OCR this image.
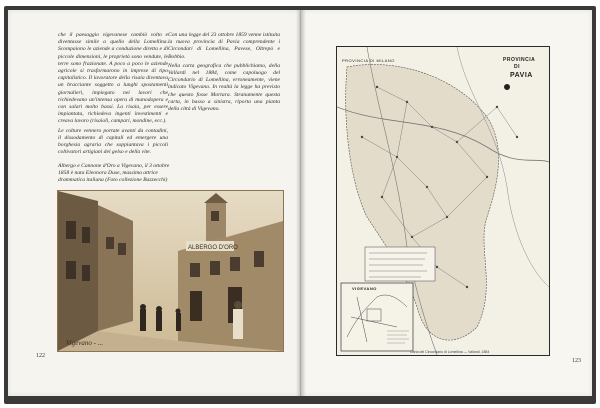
che il paesaggio vigevanese cambiò volto e diventasse simile a quello della Lomellina. Scompaiono le aziende a conduzione diretta e di piccole dimensioni, le proprietà sono vendute, le terre sono frazionate. A poco a poco le aziende agricole si trasformarono in imprese di tipo capitalistico. Il lavoratore della risaia diventava un bracciante soggetto a lunghi spostamenti giornalieri, impiegato nei lavori che richiedevano un'intensa opera di manodopera e con salari molto bassi. La risaia, per essere impiantata, richiedeva ingenti investimenti e creava lavoro (risaioli, campari, mondine, ecc.).

Le colture vennero portate avanti da contadini, il dissodamento di capitali ed emergere una borghesia agraria che soppiantava i piccoli coltivatori artigiani del gelso e della vite.

Con una legge del 23 ottobre 1859 venne istituita la nuova provincia di Pavia comprendente i Circondari di Lomellina, Pavese, Oltrepò e Bobbio.

Nella carta geografica che pubblichiamo, della Vallardi nel 1884, come capoluogo del Circondario di Lomellina, erroneamente, viene indicato Vigevano. In realtà la legge ha previsto che questo fosse Mortara. Stranamente questa carta, in basso a sinistra, riporta una pianta della città di Vigevano.

Albergo e Cannone d'Oro a Vigevano, il 3 ottobre 1858 è nata Eleonora Duse, massima attrice drammatica italiana (Foto collezione Bazzecchi)
ALBERGO D'ORO
Vigevano - ...
122
PROVINCIA
DI
PAVIA
PROVINCIA DI MILANO
VIGEVANO
Carta del Circondario di Lomellina — Vallardi, 1884
123
